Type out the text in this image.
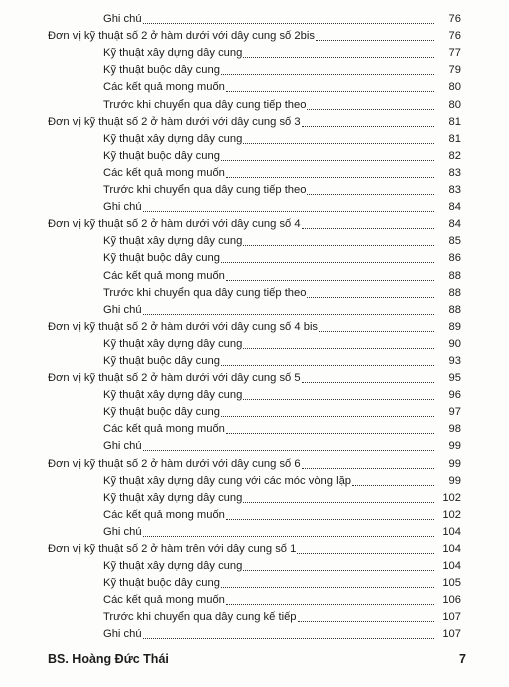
Ghi chú	76
Đơn vị kỹ thuật số 2 ở hàm dưới với dây cung số 2bis	76
Kỹ thuật xây dựng dây cung	77
Kỹ thuật buộc dây cung	79
Các kết quả mong muốn	80
Trước khi chuyển qua dây cung tiếp theo	80
Đơn vị kỹ thuật số 2 ở hàm dưới với dây cung số 3	81
Kỹ thuật xây dựng dây cung	81
Kỹ thuật buộc dây cung	82
Các kết quả mong muốn	83
Trước khi chuyển qua dây cung tiếp theo	83
Ghi chú	84
Đơn vị kỹ thuật số 2 ở hàm dưới với dây cung số 4	84
Kỹ thuật xây dựng dây cung	85
Kỹ thuật buộc dây cung	86
Các kết quả mong muốn	88
Trước khi chuyển qua dây cung tiếp theo	88
Ghi chú	88
Đơn vị kỹ thuật số 2 ở hàm dưới với dây cung số 4 bis	89
Kỹ thuật xây dựng dây cung	90
Kỹ thuật buộc dây cung	93
Đơn vị kỹ thuật số 2 ở hàm dưới với dây cung số 5	95
Kỹ thuật xây dựng dây cung	96
Kỹ thuật buộc dây cung	97
Các kết quả mong muốn	98
Ghi chú	99
Đơn vị kỹ thuật số 2 ở hàm dưới với dây cung số 6	99
Kỹ thuật xây dựng dây cung với các móc vòng lặp	99
Kỹ thuật xây dựng dây cung	102
Các kết quả mong muốn	102
Ghi chú	104
Đơn vị kỹ thuật số 2 ở hàm trên với dây cung số 1	104
Kỹ thuật xây dựng dây cung	104
Kỹ thuật buộc dây cung	105
Các kết quả mong muốn	106
Trước khi chuyển qua dây cung kế tiếp	107
Ghi chú	107
BS. Hoàng Đức Thái	7
